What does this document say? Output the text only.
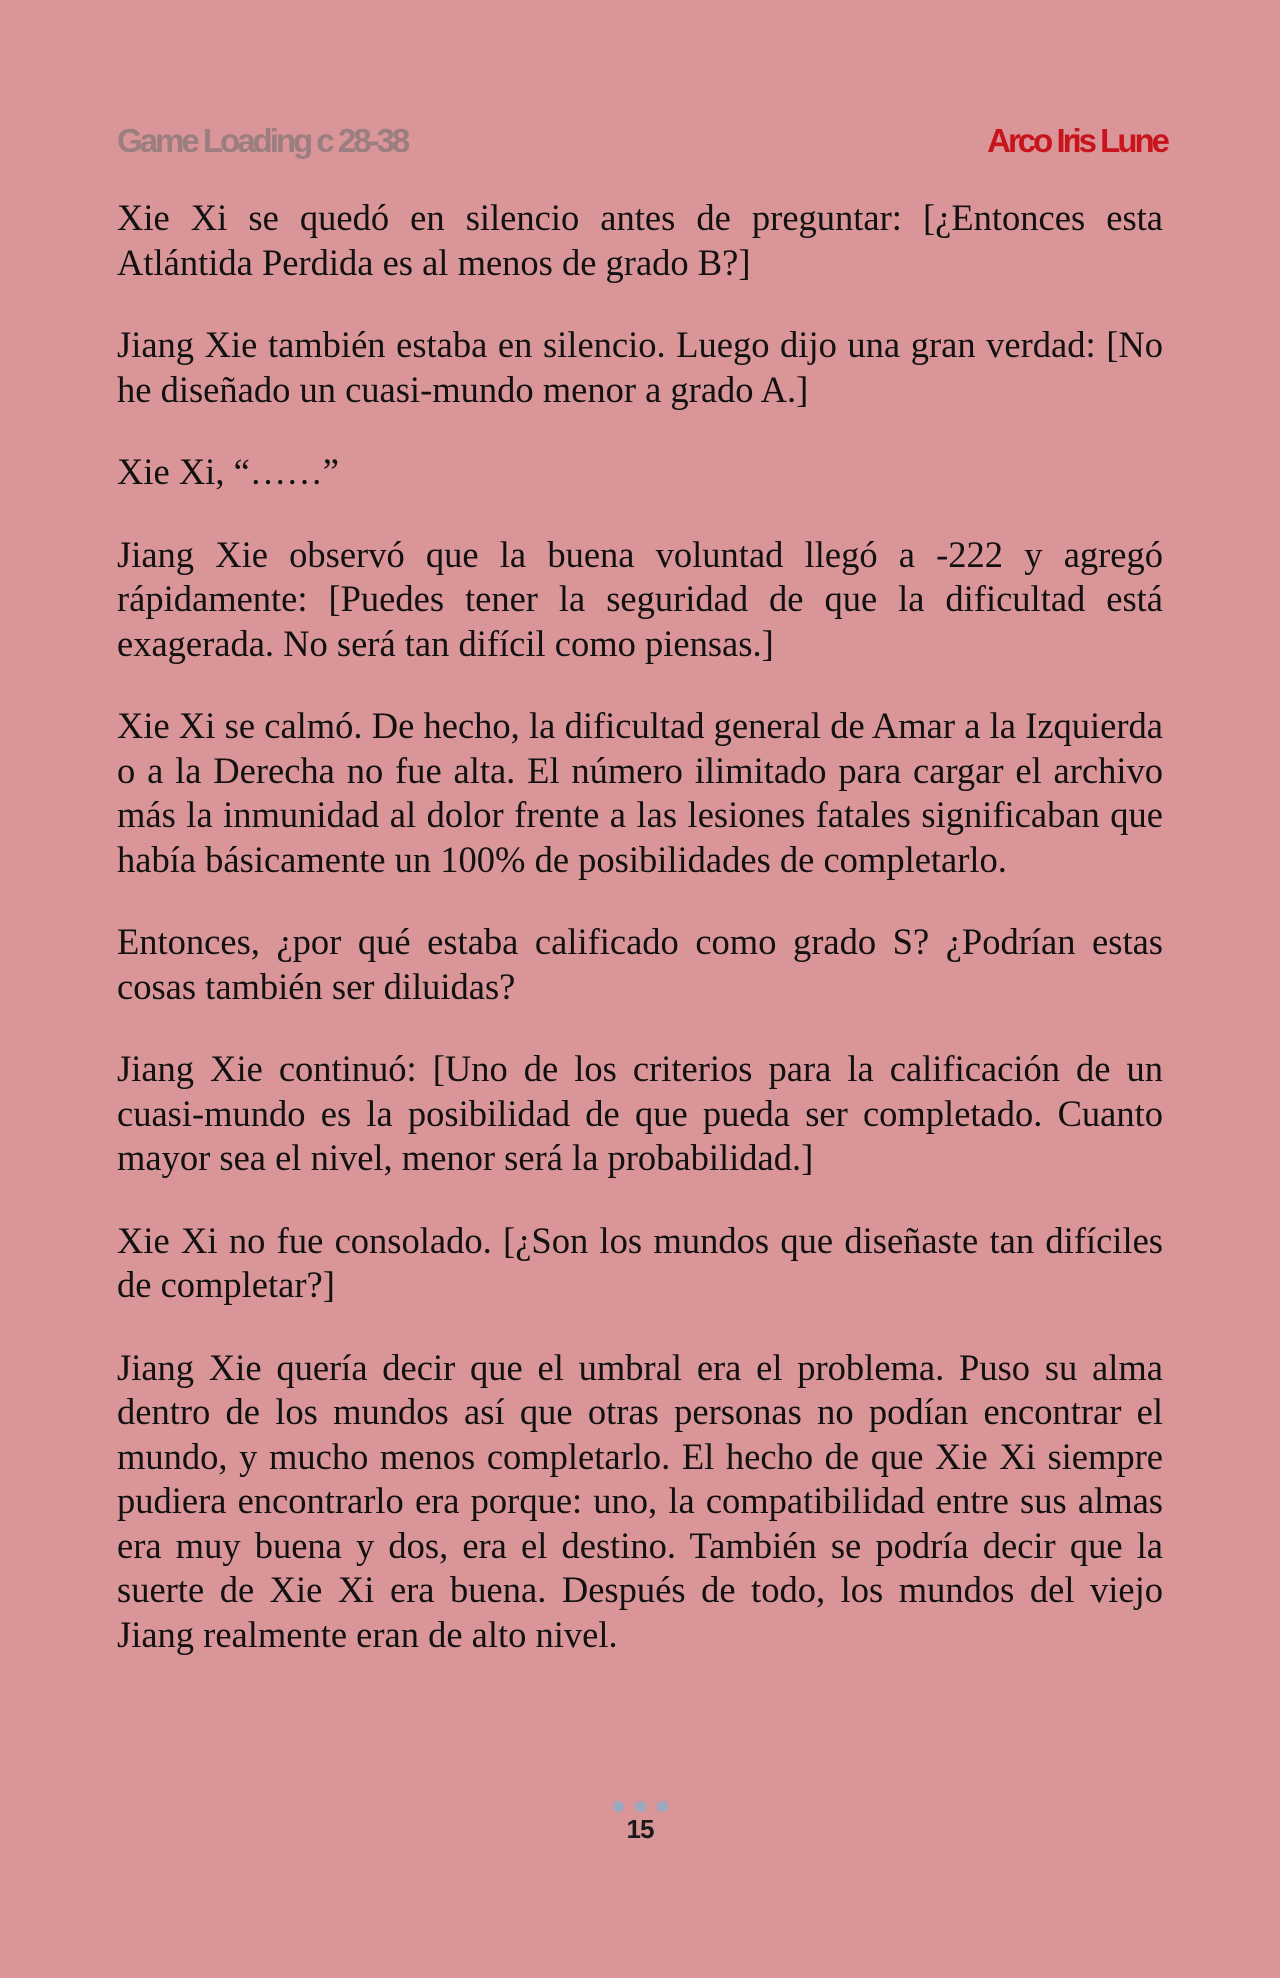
Game Loading c 28-38	Arco Iris Lune

Xie Xi se quedó en silencio antes de preguntar: [¿Entonces esta Atlántida Perdida es al menos de grado B?]

Jiang Xie también estaba en silencio. Luego dijo una gran verdad: [No he diseñado un cuasi-mundo menor a grado A.]

Xie Xi, “……”

Jiang Xie observó que la buena voluntad llegó a -222 y agregó rápidamente: [Puedes tener la seguridad de que la dificultad está exagerada. No será tan difícil como piensas.]

Xie Xi se calmó. De hecho, la dificultad general de Amar a la Izquierda o a la Derecha no fue alta. El número ilimitado para cargar el archivo más la inmunidad al dolor frente a las lesiones fatales significaban que había básicamente un 100% de posibilidades de completarlo.

Entonces, ¿por qué estaba calificado como grado S? ¿Podrían estas cosas también ser diluidas?

Jiang Xie continuó: [Uno de los criterios para la calificación de un cuasi-mundo es la posibilidad de que pueda ser completado. Cuanto mayor sea el nivel, menor será la probabilidad.]

Xie Xi no fue consolado. [¿Son los mundos que diseñaste tan difíciles de completar?]

Jiang Xie quería decir que el umbral era el problema. Puso su alma dentro de los mundos así que otras personas no podían encontrar el mundo, y mucho menos completarlo. El hecho de que Xie Xi siempre pudiera encontrarlo era porque: uno, la compatibilidad entre sus almas era muy buena y dos, era el destino. También se podría decir que la suerte de Xie Xi era buena. Después de todo, los mundos del viejo Jiang realmente eran de alto nivel.

15
